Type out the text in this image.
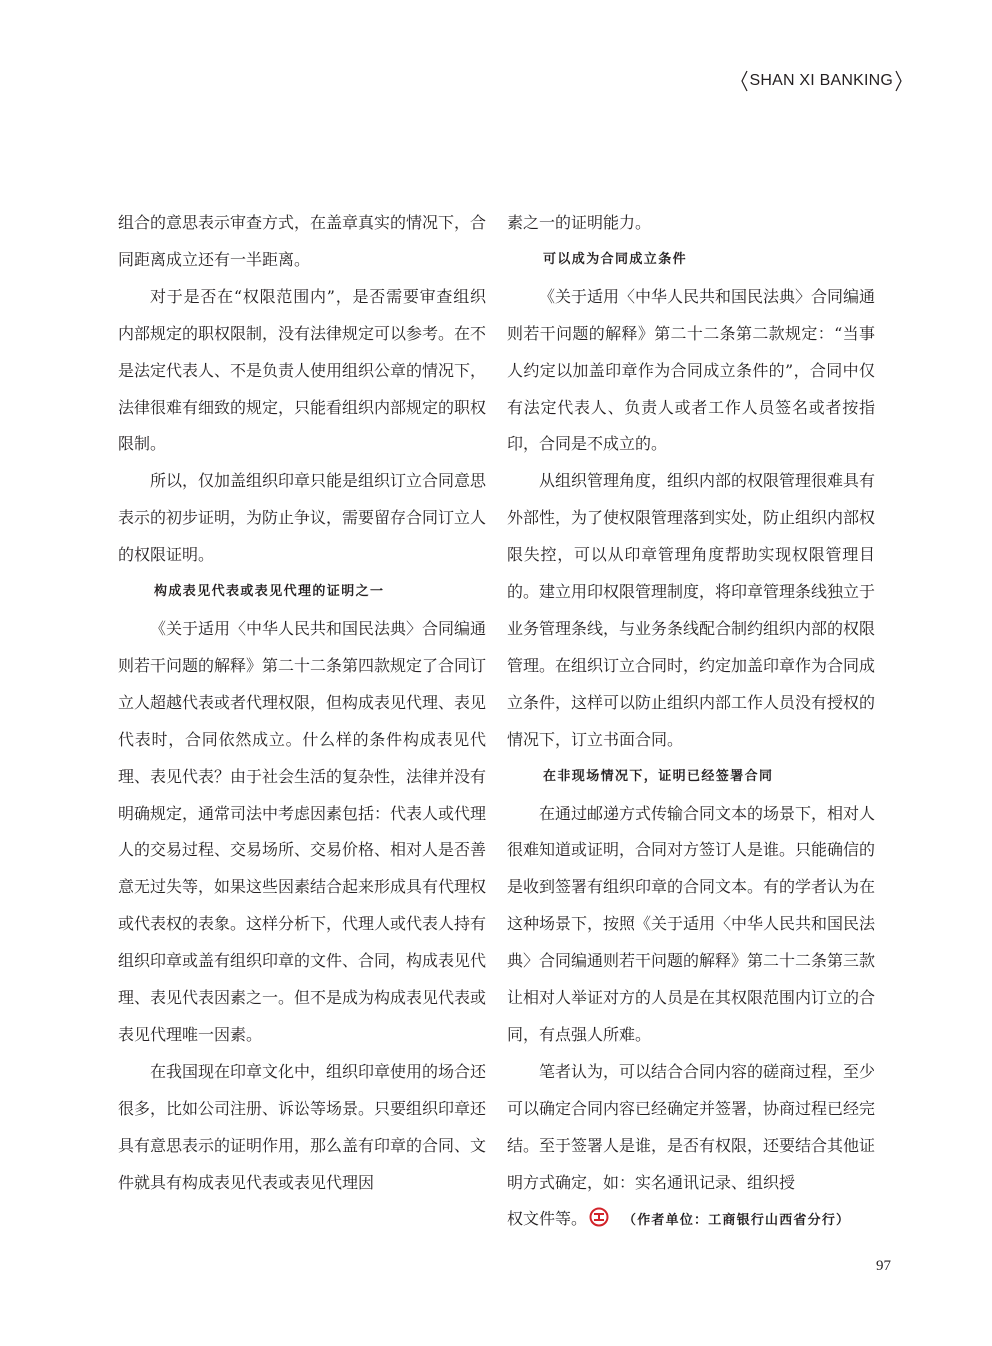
SHAN XI BANKING

组合的意思表示审查方式，在盖章真实的情况下，合同距离成立还有一半距离。

对于是否在“权限范围内”，是否需要审查组织内部规定的职权限制，没有法律规定可以参考。在不是法定代表人、不是负责人使用组织公章的情况下，法律很难有细致的规定，只能看组织内部规定的职权限制。

所以，仅加盖组织印章只能是组织订立合同意思表示的初步证明，为防止争议，需要留存合同订立人的权限证明。

构成表见代表或表见代理的证明之一

《关于适用〈中华人民共和国民法典〉合同编通则若干问题的解释》第二十二条第四款规定了合同订立人超越代表或者代理权限，但构成表见代理、表见代表时，合同依然成立。什么样的条件构成表见代理、表见代表？由于社会生活的复杂性，法律并没有明确规定，通常司法中考虑因素包括：代表人或代理人的交易过程、交易场所、交易价格、相对人是否善意无过失等，如果这些因素结合起来形成具有代理权或代表权的表象。这样分析下，代理人或代表人持有组织印章或盖有组织印章的文件、合同，构成表见代理、表见代表因素之一。但不是成为构成表见代表或表见代理唯一因素。

在我国现在印章文化中，组织印章使用的场合还很多，比如公司注册、诉讼等场景。只要组织印章还具有意思表示的证明作用，那么盖有印章的合同、文件就具有构成表见代表或表见代理因

素之一的证明能力。

可以成为合同成立条件

《关于适用〈中华人民共和国民法典〉合同编通则若干问题的解释》第二十二条第二款规定：“当事人约定以加盖印章作为合同成立条件的”，合同中仅有法定代表人、负责人或者工作人员签名或者按指印，合同是不成立的。

从组织管理角度，组织内部的权限管理很难具有外部性，为了使权限管理落到实处，防止组织内部权限失控，可以从印章管理角度帮助实现权限管理目的。建立用印权限管理制度，将印章管理条线独立于业务管理条线，与业务条线配合制约组织内部的权限管理。在组织订立合同时，约定加盖印章作为合同成立条件，这样可以防止组织内部工作人员没有授权的情况下，订立书面合同。

在非现场情况下，证明已经签署合同

在通过邮递方式传输合同文本的场景下，相对人很难知道或证明，合同对方签订人是谁。只能确信的是收到签署有组织印章的合同文本。有的学者认为在这种场景下，按照《关于适用〈中华人民共和国民法典〉合同编通则若干问题的解释》第二十二条第三款让相对人举证对方的人员是在其权限范围内订立的合同，有点强人所难。

笔者认为，可以结合合同内容的磋商过程，至少可以确定合同内容已经确定并签署，协商过程已经完结。至于签署人是谁，是否有权限，还要结合其他证明方式确定，如：实名通讯记录、组织授

权文件等。	（作者单位：工商银行山西省分行）

97
